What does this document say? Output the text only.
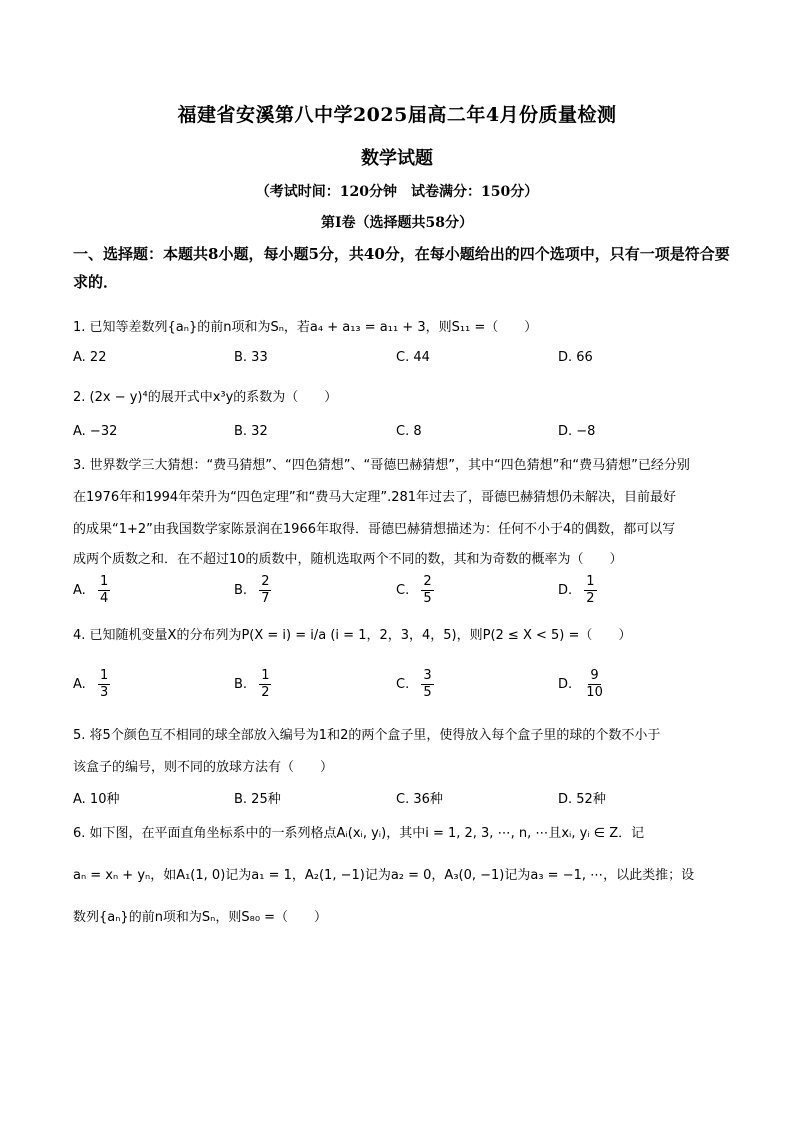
福建省安溪第八中学2025届高二年4月份质量检测
数学试题
（考试时间：120分钟　试卷满分：150分）
第I卷（选择题共58分）
一、选择题：本题共8小题，每小题5分，共40分，在每小题给出的四个选项中，只有一项是符合要求的．
1. 已知等差数列{aₙ}的前n项和为Sₙ，若a₄ + a₁₃ = a₁₁ + 3，则S₁₁ =（　　）
A. 22	B. 33	C. 44	D. 66
2. (2x − y)⁴的展开式中x³y的系数为（　　）
A. −32	B. 32	C. 8	D. −8
3. 世界数学三大猜想：“费马猜想”、“四色猜想”、“哥德巴赫猜想”，其中“四色猜想”和“费马猜想”已经分别
在1976年和1994年荣升为“四色定理”和“费马大定理”.281年过去了，哥德巴赫猜想仍未解决，目前最好
的成果“1+2”由我国数学家陈景润在1966年取得．哥德巴赫猜想描述为：任何不小于4的偶数，都可以写
成两个质数之和．在不超过10的质数中，随机选取两个不同的数，其和为奇数的概率为（　　）
A. $\frac{1}{4}$	B. $\frac{2}{7}$	C. $\frac{2}{5}$	D. $\frac{1}{2}$
4. 已知随机变量X的分布列为P(X = i) = i/a (i = 1，2，3，4，5)，则P(2 ≤ X < 5) =（　　）
A. $\frac{1}{3}$	B. $\frac{1}{2}$	C. $\frac{3}{5}$	D. $\frac{9}{10}$
5. 将5个颜色互不相同的球全部放入编号为1和2的两个盒子里，使得放入每个盒子里的球的个数不小于
该盒子的编号，则不同的放球方法有（　　）
A. 10种	B. 25种	C. 36种	D. 52种
6. 如下图，在平面直角坐标系中的一系列格点Aᵢ(xᵢ, yᵢ)，其中i = 1, 2, 3, ⋯, n, ⋯且xᵢ, yᵢ ∈ Z．记
aₙ = xₙ + yₙ，如A₁(1, 0)记为a₁ = 1，A₂(1, −1)记为a₂ = 0，A₃(0, −1)记为a₃ = −1, ⋯，以此类推；设
数列{aₙ}的前n项和为Sₙ，则S₈₀ =（　　）
